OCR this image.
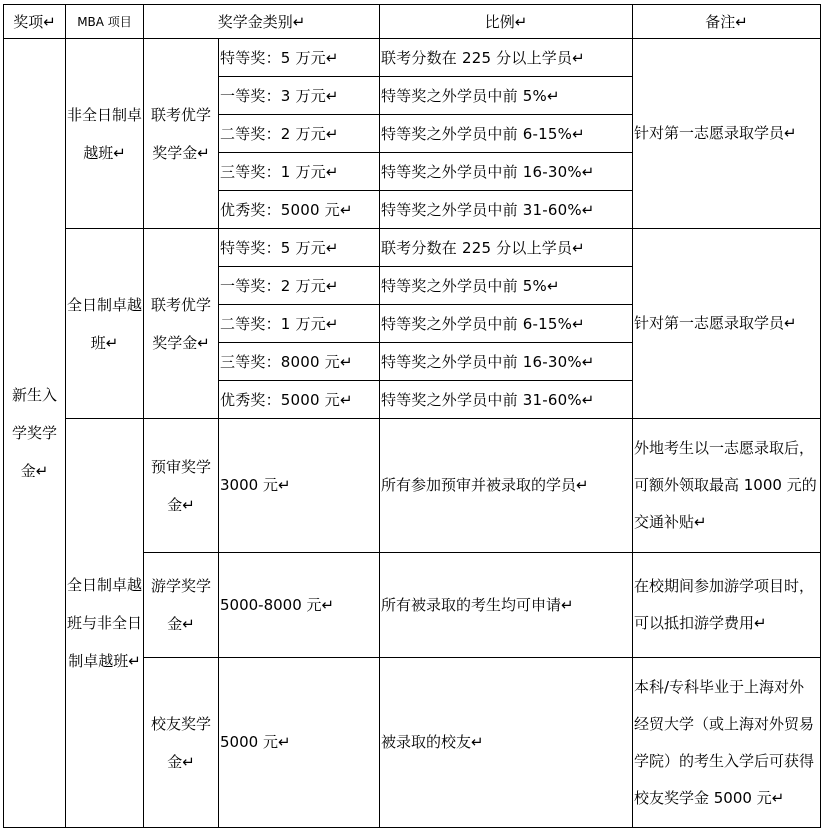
奖项↵	MBA 项目	奖学金类别↵		比例↵	备注↵
新生入学奖学金↵	非全日制卓越班↵	联考优学奖学金↵	特等奖：5 万元↵	联考分数在 225 分以上学员↵	针对第一志愿录取学员↵
			一等奖：3 万元↵	特等奖之外学员中前 5%↵	
			二等奖：2 万元↵	特等奖之外学员中前 6-15%↵	
			三等奖：1 万元↵	特等奖之外学员中前 16-30%↵	
			优秀奖：5000 元↵	特等奖之外学员中前 31-60%↵	
	全日制卓越班↵	联考优学奖学金↵	特等奖：5 万元↵	联考分数在 225 分以上学员↵	针对第一志愿录取学员↵
			一等奖：2 万元↵	特等奖之外学员中前 5%↵	
			二等奖：1 万元↵	特等奖之外学员中前 6-15%↵	
			三等奖：8000 元↵	特等奖之外学员中前 16-30%↵	
			优秀奖：5000 元↵	特等奖之外学员中前 31-60%↵	
	全日制卓越班与非全日制卓越班↵	预审奖学金↵	3000 元↵	所有参加预审并被录取的学员↵	外地考生以一志愿录取后，可额外领取最高 1000 元的交通补贴↵
		游学奖学金↵	5000-8000 元↵	所有被录取的考生均可申请↵	在校期间参加游学项目时，可以抵扣游学费用↵
		校友奖学金↵	5000 元↵	被录取的校友↵	本科/专科毕业于上海对外经贸大学（或上海对外贸易学院）的考生入学后可获得校友奖学金 5000 元↵
